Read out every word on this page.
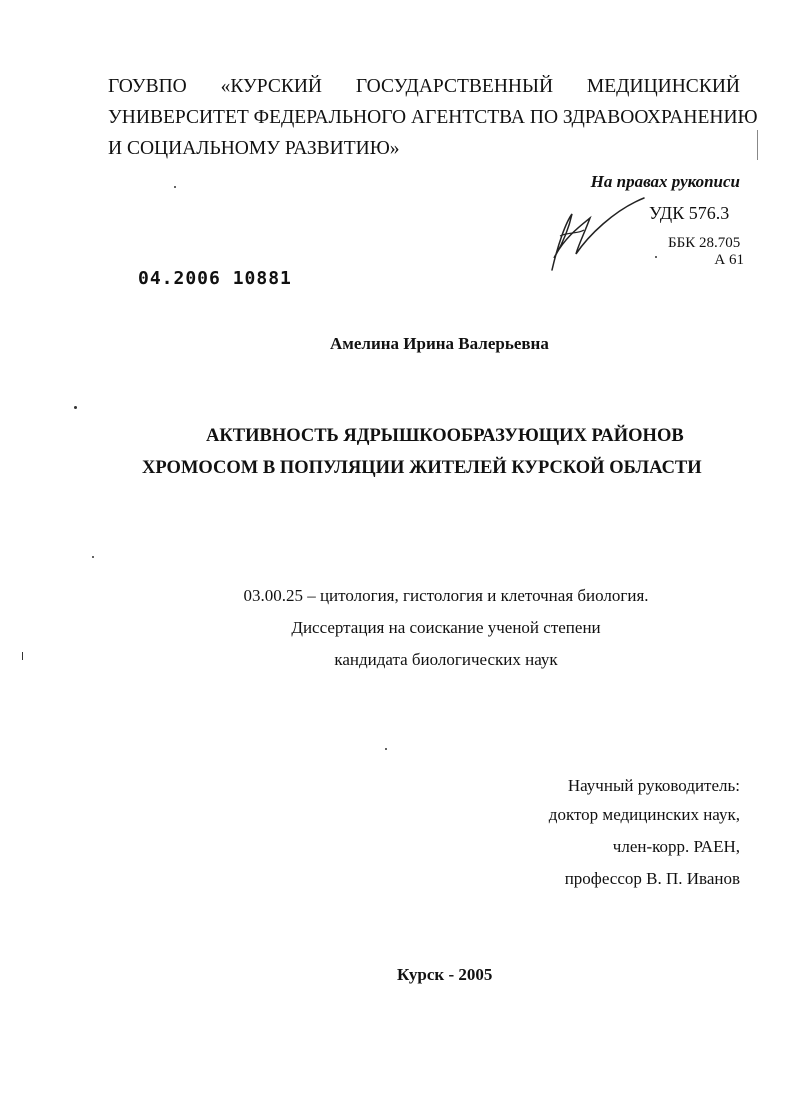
ГОУВПО «КУРСКИЙ ГОСУДАРСТВЕННЫЙ МЕДИЦИНСКИЙ
УНИВЕРСИТЕТ ФЕДЕРАЛЬНОГО АГЕНТСТВА ПО ЗДРАВООХРАНЕНИЮ
И СОЦИАЛЬНОМУ РАЗВИТИЮ»
На правах рукописи
УДК 576.3
ББК 28.705
А 61
04.2006 10881
Амелина Ирина Валерьевна
АКТИВНОСТЬ ЯДРЫШКООБРАЗУЮЩИХ РАЙОНОВ
ХРОМОСОМ В ПОПУЛЯЦИИ ЖИТЕЛЕЙ КУРСКОЙ ОБЛАСТИ
03.00.25 – цитология, гистология и клеточная биология.
Диссертация на соискание ученой степени
кандидата биологических наук
Научный руководитель:
доктор медицинских наук,
член-корр. РАЕН,
профессор В. П. Иванов
Курск - 2005
